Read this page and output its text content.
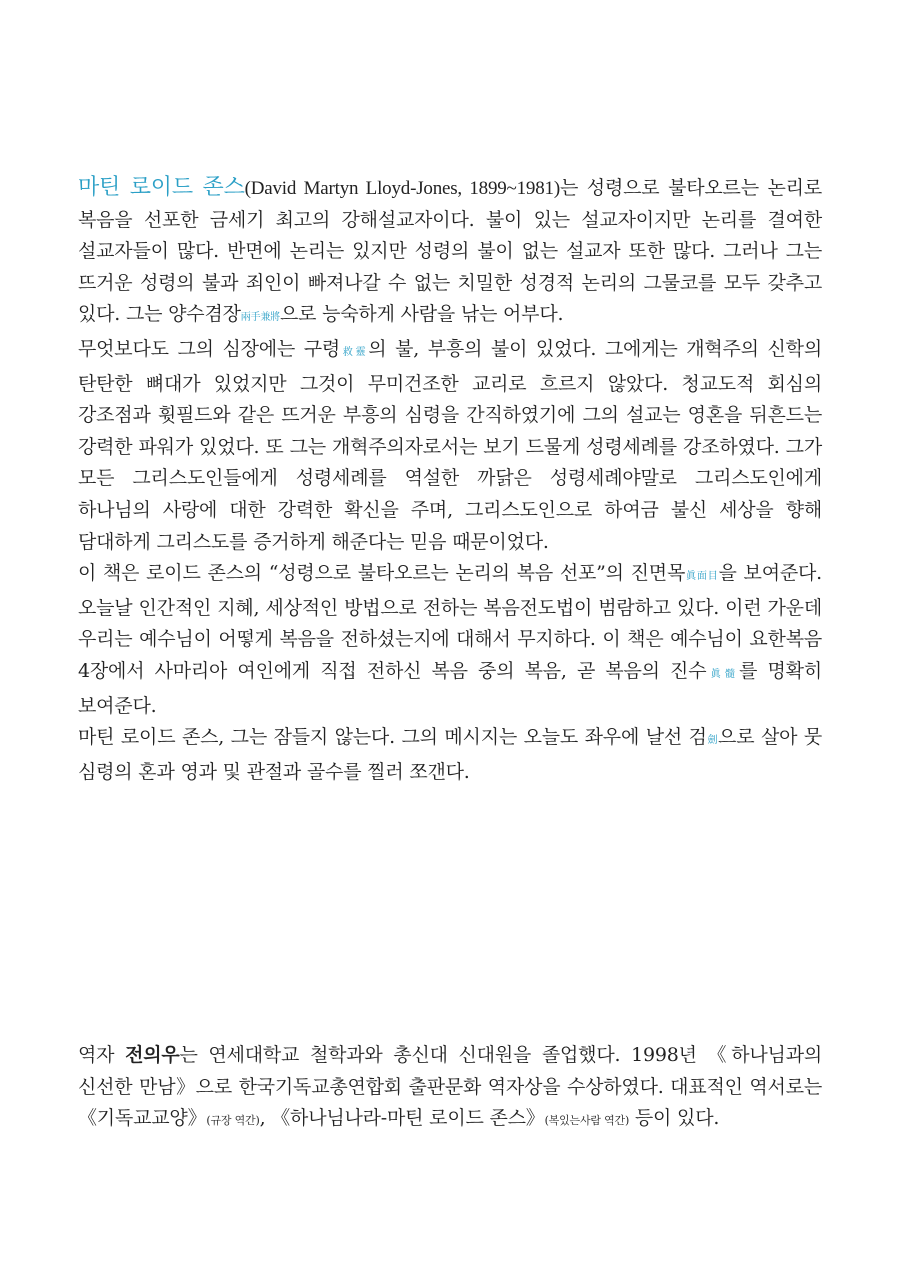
마틴 로이드 존스(David Martyn Lloyd-Jones, 1899~1981)는 성령으로 불타오르는 논리로 복음을 선포한 금세기 최고의 강해설교자이다. 불이 있는 설교자이지만 논리를 결여한 설교자들이 많다. 반면에 논리는 있지만 성령의 불이 없는 설교자 또한 많다. 그러나 그는 뜨거운 성령의 불과 죄인이 빠져나갈 수 없는 치밀한 성경적 논리의 그물코를 모두 갖추고 있다. 그는 양수겸장兩手兼將으로 능숙하게 사람을 낚는 어부다.

무엇보다도 그의 심장에는 구령救靈의 불, 부흥의 불이 있었다. 그에게는 개혁주의 신학의 탄탄한 뼈대가 있었지만 그것이 무미건조한 교리로 흐르지 않았다. 청교도적 회심의 강조점과 휫필드와 같은 뜨거운 부흥의 심령을 간직하였기에 그의 설교는 영혼을 뒤흔드는 강력한 파워가 있었다. 또 그는 개혁주의자로서는 보기 드물게 성령세례를 강조하였다. 그가 모든 그리스도인들에게 성령세례를 역설한 까닭은 성령세례야말로 그리스도인에게 하나님의 사랑에 대한 강력한 확신을 주며, 그리스도인으로 하여금 불신 세상을 향해 담대하게 그리스도를 증거하게 해준다는 믿음 때문이었다.

이 책은 로이드 존스의 “성령으로 불타오르는 논리의 복음 선포”의 진면목眞面目을 보여준다. 오늘날 인간적인 지혜, 세상적인 방법으로 전하는 복음전도법이 범람하고 있다. 이런 가운데 우리는 예수님이 어떻게 복음을 전하셨는지에 대해서 무지하다. 이 책은 예수님이 요한복음 4장에서 사마리아 여인에게 직접 전하신 복음 중의 복음, 곧 복음의 진수眞髓를 명확히 보여준다.

마틴 로이드 존스, 그는 잠들지 않는다. 그의 메시지는 오늘도 좌우에 날선 검劍으로 살아 뭇 심령의 혼과 영과 및 관절과 골수를 찔러 쪼갠다.

역자 전의우는 연세대학교 철학과와 총신대 신대원을 졸업했다. 1998년 《하나님과의 신선한 만남》으로 한국기독교총연합회 출판문화 역자상을 수상하였다. 대표적인 역서로는 《기독교교양》(규장 역간), 《하나님나라-마틴 로이드 존스》(복있는사람 역간) 등이 있다.
